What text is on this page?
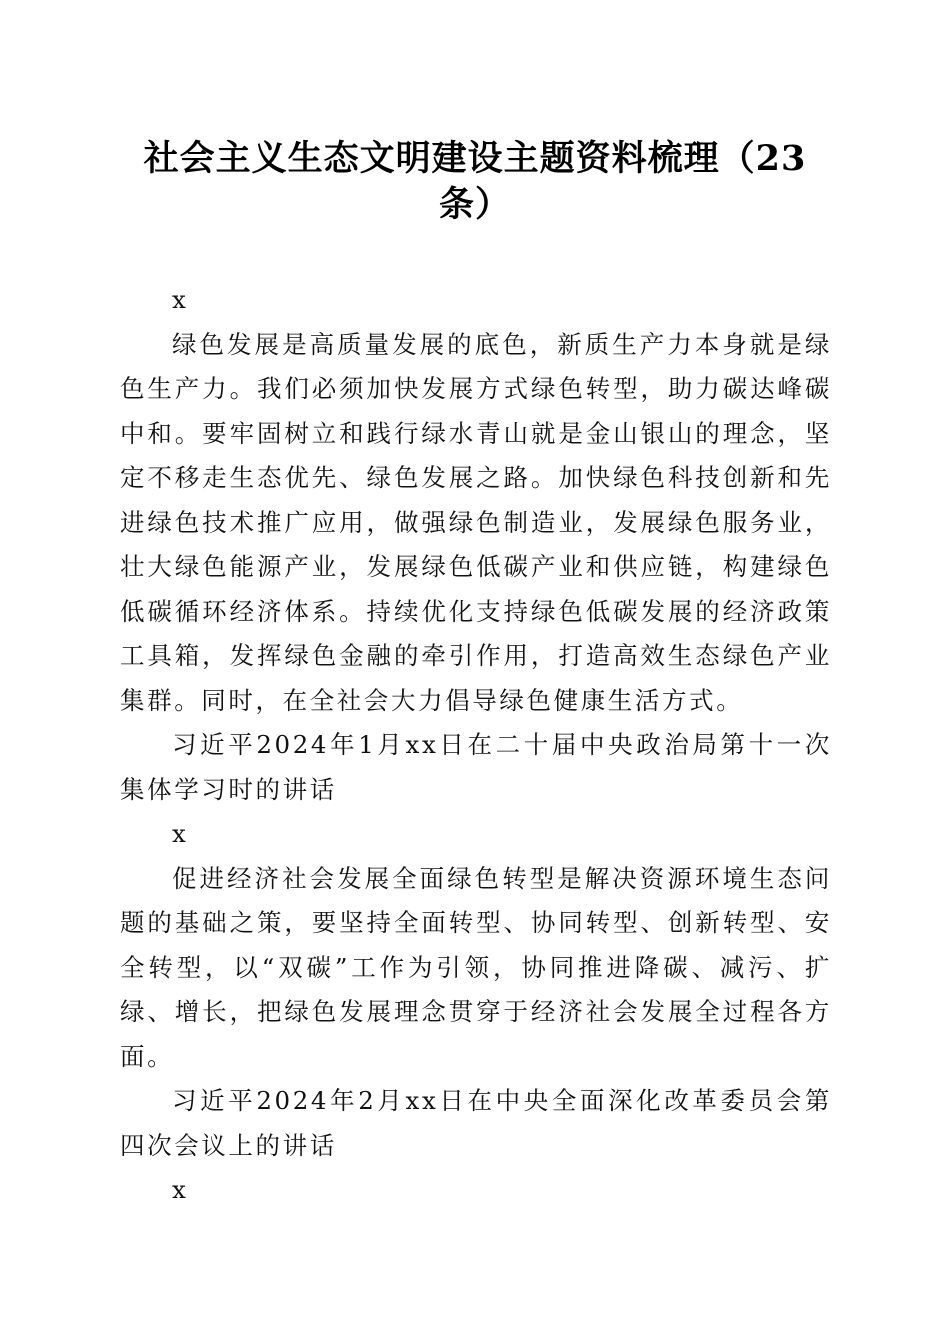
社会主义生态文明建设主题资料梳理（23条）

x

绿色发展是高质量发展的底色，新质生产力本身就是绿色生产力。我们必须加快发展方式绿色转型，助力碳达峰碳中和。要牢固树立和践行绿水青山就是金山银山的理念，坚定不移走生态优先、绿色发展之路。加快绿色科技创新和先进绿色技术推广应用，做强绿色制造业，发展绿色服务业，壮大绿色能源产业，发展绿色低碳产业和供应链，构建绿色低碳循环经济体系。持续优化支持绿色低碳发展的经济政策工具箱，发挥绿色金融的牵引作用，打造高效生态绿色产业集群。同时，在全社会大力倡导绿色健康生活方式。

习近平2024年1月xx日在二十届中央政治局第十一次集体学习时的讲话

x

促进经济社会发展全面绿色转型是解决资源环境生态问题的基础之策，要坚持全面转型、协同转型、创新转型、安全转型，以“双碳”工作为引领，协同推进降碳、减污、扩绿、增长，把绿色发展理念贯穿于经济社会发展全过程各方面。

习近平2024年2月xx日在中央全面深化改革委员会第四次会议上的讲话

x
